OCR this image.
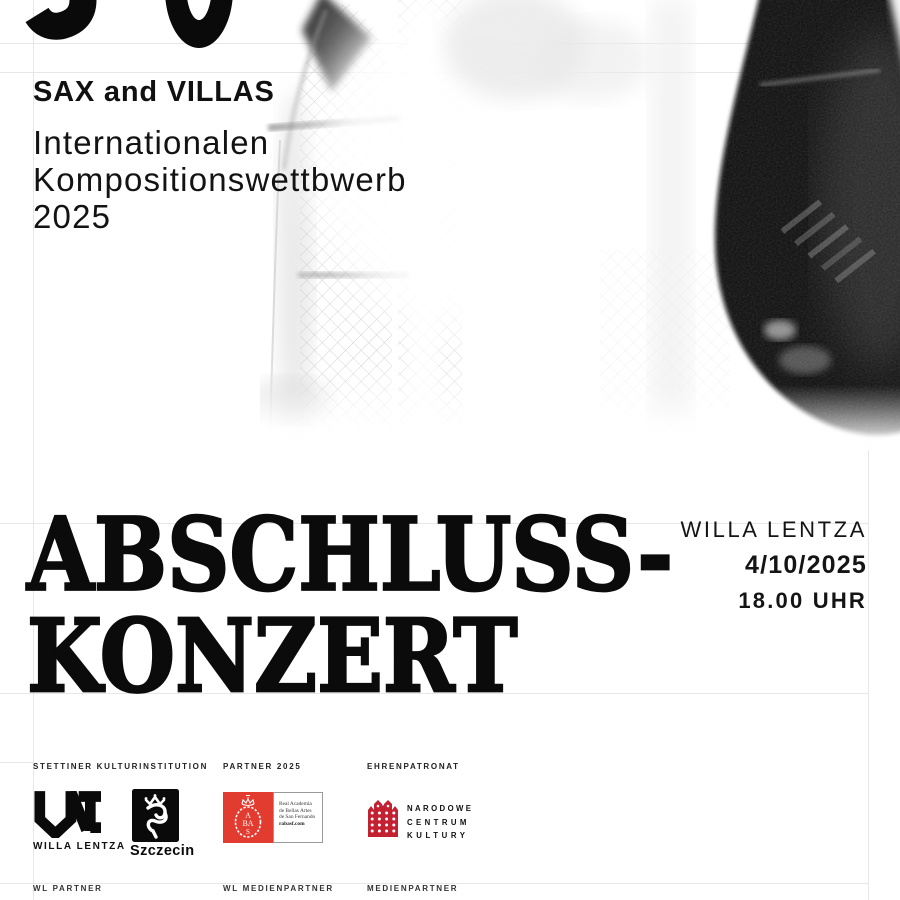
SAX and VILLAS
Internationalen
Kompositionswettbwerb
2025
ABSCHLUSS-
KONZERT
WILLA LENTZA
4/10/2025
18.00 UHR
STETTINER KULTURINSTITUTION PARTNER 2025	EHRENPATRONAT
WILLA LENTZA Szczecin
A
BA
S
Real Academia
de Bellas Artes
de San Fernando
rabasf.com
NARODOWE
CENTRUM
KULTURY
WL PARTNER	WL MEDIENPARTNER	MEDIENPARTNER
